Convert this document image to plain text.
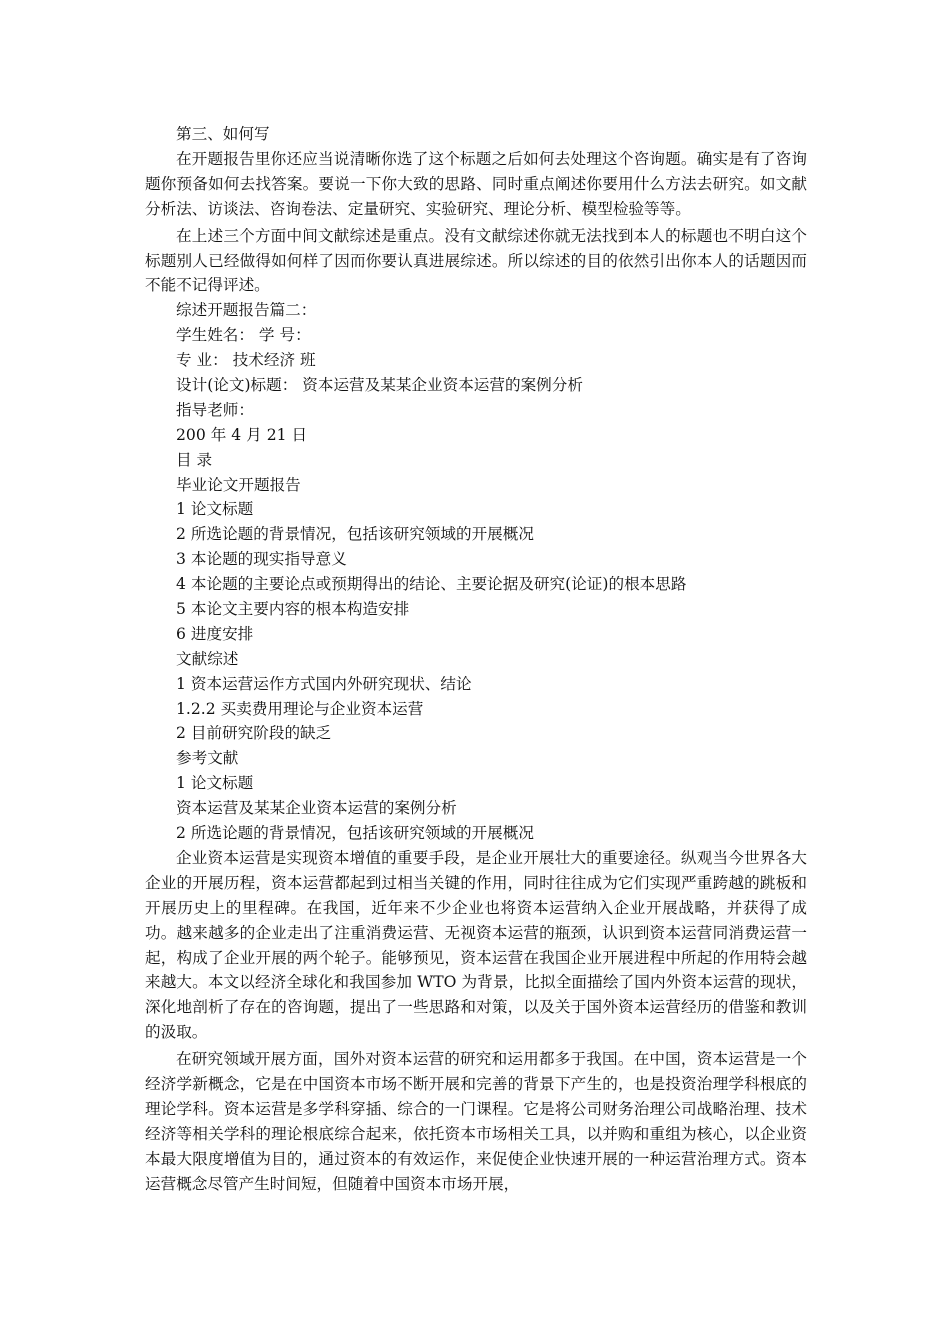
第三、如何写

在开题报告里你还应当说清晰你选了这个标题之后如何去处理这个咨询题。确实是有了咨询题你预备如何去找答案。要说一下你大致的思路、同时重点阐述你要用什么方法去研究。如文献分析法、访谈法、咨询卷法、定量研究、实验研究、理论分析、模型检验等等。

在上述三个方面中间文献综述是重点。没有文献综述你就无法找到本人的标题也不明白这个标题别人已经做得如何样了因而你要认真进展综述。所以综述的目的依然引出你本人的话题因而不能不记得评述。

综述开题报告篇二：
学生姓名： 学 号：
专 业： 技术经济 班
设计(论文)标题： 资本运营及某某企业资本运营的案例分析
指导老师：
200 年 4 月 21 日
目 录
毕业论文开题报告
1 论文标题
2 所选论题的背景情况，包括该研究领域的开展概况
3 本论题的现实指导意义
4 本论题的主要论点或预期得出的结论、主要论据及研究(论证)的根本思路
5 本论文主要内容的根本构造安排
6 进度安排
文献综述
1 资本运营运作方式国内外研究现状、结论
1.2.2 买卖费用理论与企业资本运营
2 目前研究阶段的缺乏
参考文献
1 论文标题
资本运营及某某企业资本运营的案例分析
2 所选论题的背景情况，包括该研究领域的开展概况

企业资本运营是实现资本增值的重要手段，是企业开展壮大的重要途径。纵观当今世界各大企业的开展历程，资本运营都起到过相当关键的作用，同时往往成为它们实现严重跨越的跳板和开展历史上的里程碑。在我国，近年来不少企业也将资本运营纳入企业开展战略，并获得了成功。越来越多的企业走出了注重消费运营、无视资本运营的瓶颈，认识到资本运营同消费运营一起，构成了企业开展的两个轮子。能够预见，资本运营在我国企业开展进程中所起的作用特会越来越大。本文以经济全球化和我国参加 WTO 为背景，比拟全面描绘了国内外资本运营的现状，深化地剖析了存在的咨询题，提出了一些思路和对策，以及关于国外资本运营经历的借鉴和教训的汲取。

在研究领域开展方面，国外对资本运营的研究和运用都多于我国。在中国，资本运营是一个经济学新概念，它是在中国资本市场不断开展和完善的背景下产生的，也是投资治理学科根底的理论学科。资本运营是多学科穿插、综合的一门课程。它是将公司财务治理公司战略治理、技术经济等相关学科的理论根底综合起来，依托资本市场相关工具，以并购和重组为核心，以企业资本最大限度增值为目的，通过资本的有效运作，来促使企业快速开展的一种运营治理方式。资本运营概念尽管产生时间短，但随着中国资本市场开展，
